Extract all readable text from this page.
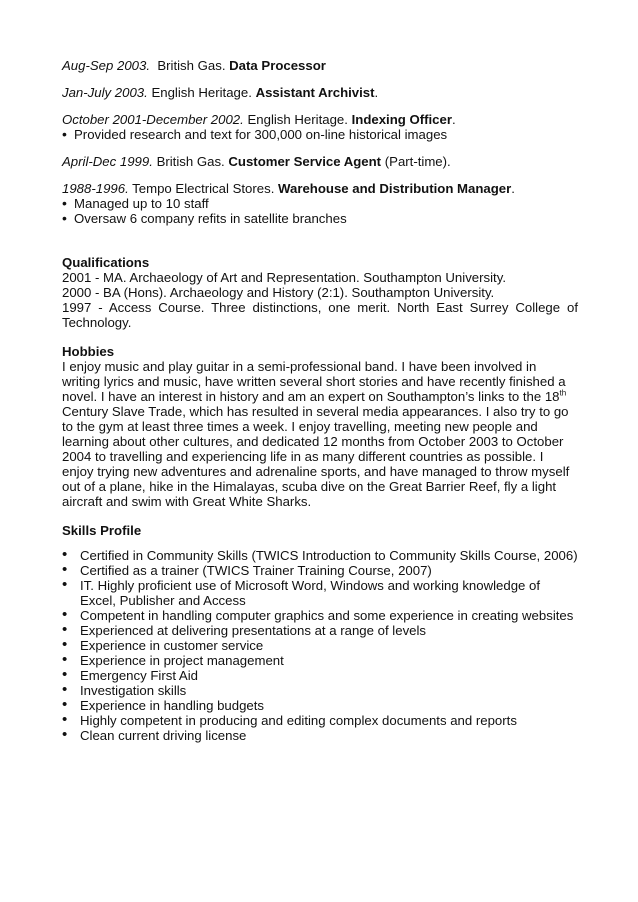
Aug-Sep 2003. British Gas. Data Processor

Jan-July 2003. English Heritage. Assistant Archivist.

October 2001-December 2002. English Heritage. Indexing Officer.

• Provided research and text for 300,000 on-line historical images

April-Dec 1999. British Gas. Customer Service Agent (Part-time).

1988-1996. Tempo Electrical Stores. Warehouse and Distribution Manager.

• Managed up to 10 staff
• Oversaw 6 company refits in satellite branches

Qualifications

2001 - MA. Archaeology of Art and Representation. Southampton University.

2000 - BA (Hons). Archaeology and History (2:1). Southampton University.

1997 - Access Course. Three distinctions, one merit. North East Surrey College of Technology.

Hobbies

I enjoy music and play guitar in a semi-professional band. I have been involved in writing lyrics and music, have written several short stories and have recently finished a novel. I have an interest in history and am an expert on Southampton’s links to the 18th Century Slave Trade, which has resulted in several media appearances. I also try to go to the gym at least three times a week. I enjoy travelling, meeting new people and learning about other cultures, and dedicated 12 months from October 2003 to October 2004 to travelling and experiencing life in as many different countries as possible. I enjoy trying new adventures and adrenaline sports, and have managed to throw myself out of a plane, hike in the Himalayas, scuba dive on the Great Barrier Reef, fly a light aircraft and swim with Great White Sharks.

Skills Profile

• Certified in Community Skills (TWICS Introduction to Community Skills Course, 2006)
• Certified as a trainer (TWICS Trainer Training Course, 2007)
• IT. Highly proficient use of Microsoft Word, Windows and working knowledge of Excel, Publisher and Access
• Competent in handling computer graphics and some experience in creating websites
• Experienced at delivering presentations at a range of levels
• Experience in customer service
• Experience in project management
• Emergency First Aid
• Investigation skills
• Experience in handling budgets
• Highly competent in producing and editing complex documents and reports
• Clean current driving license
